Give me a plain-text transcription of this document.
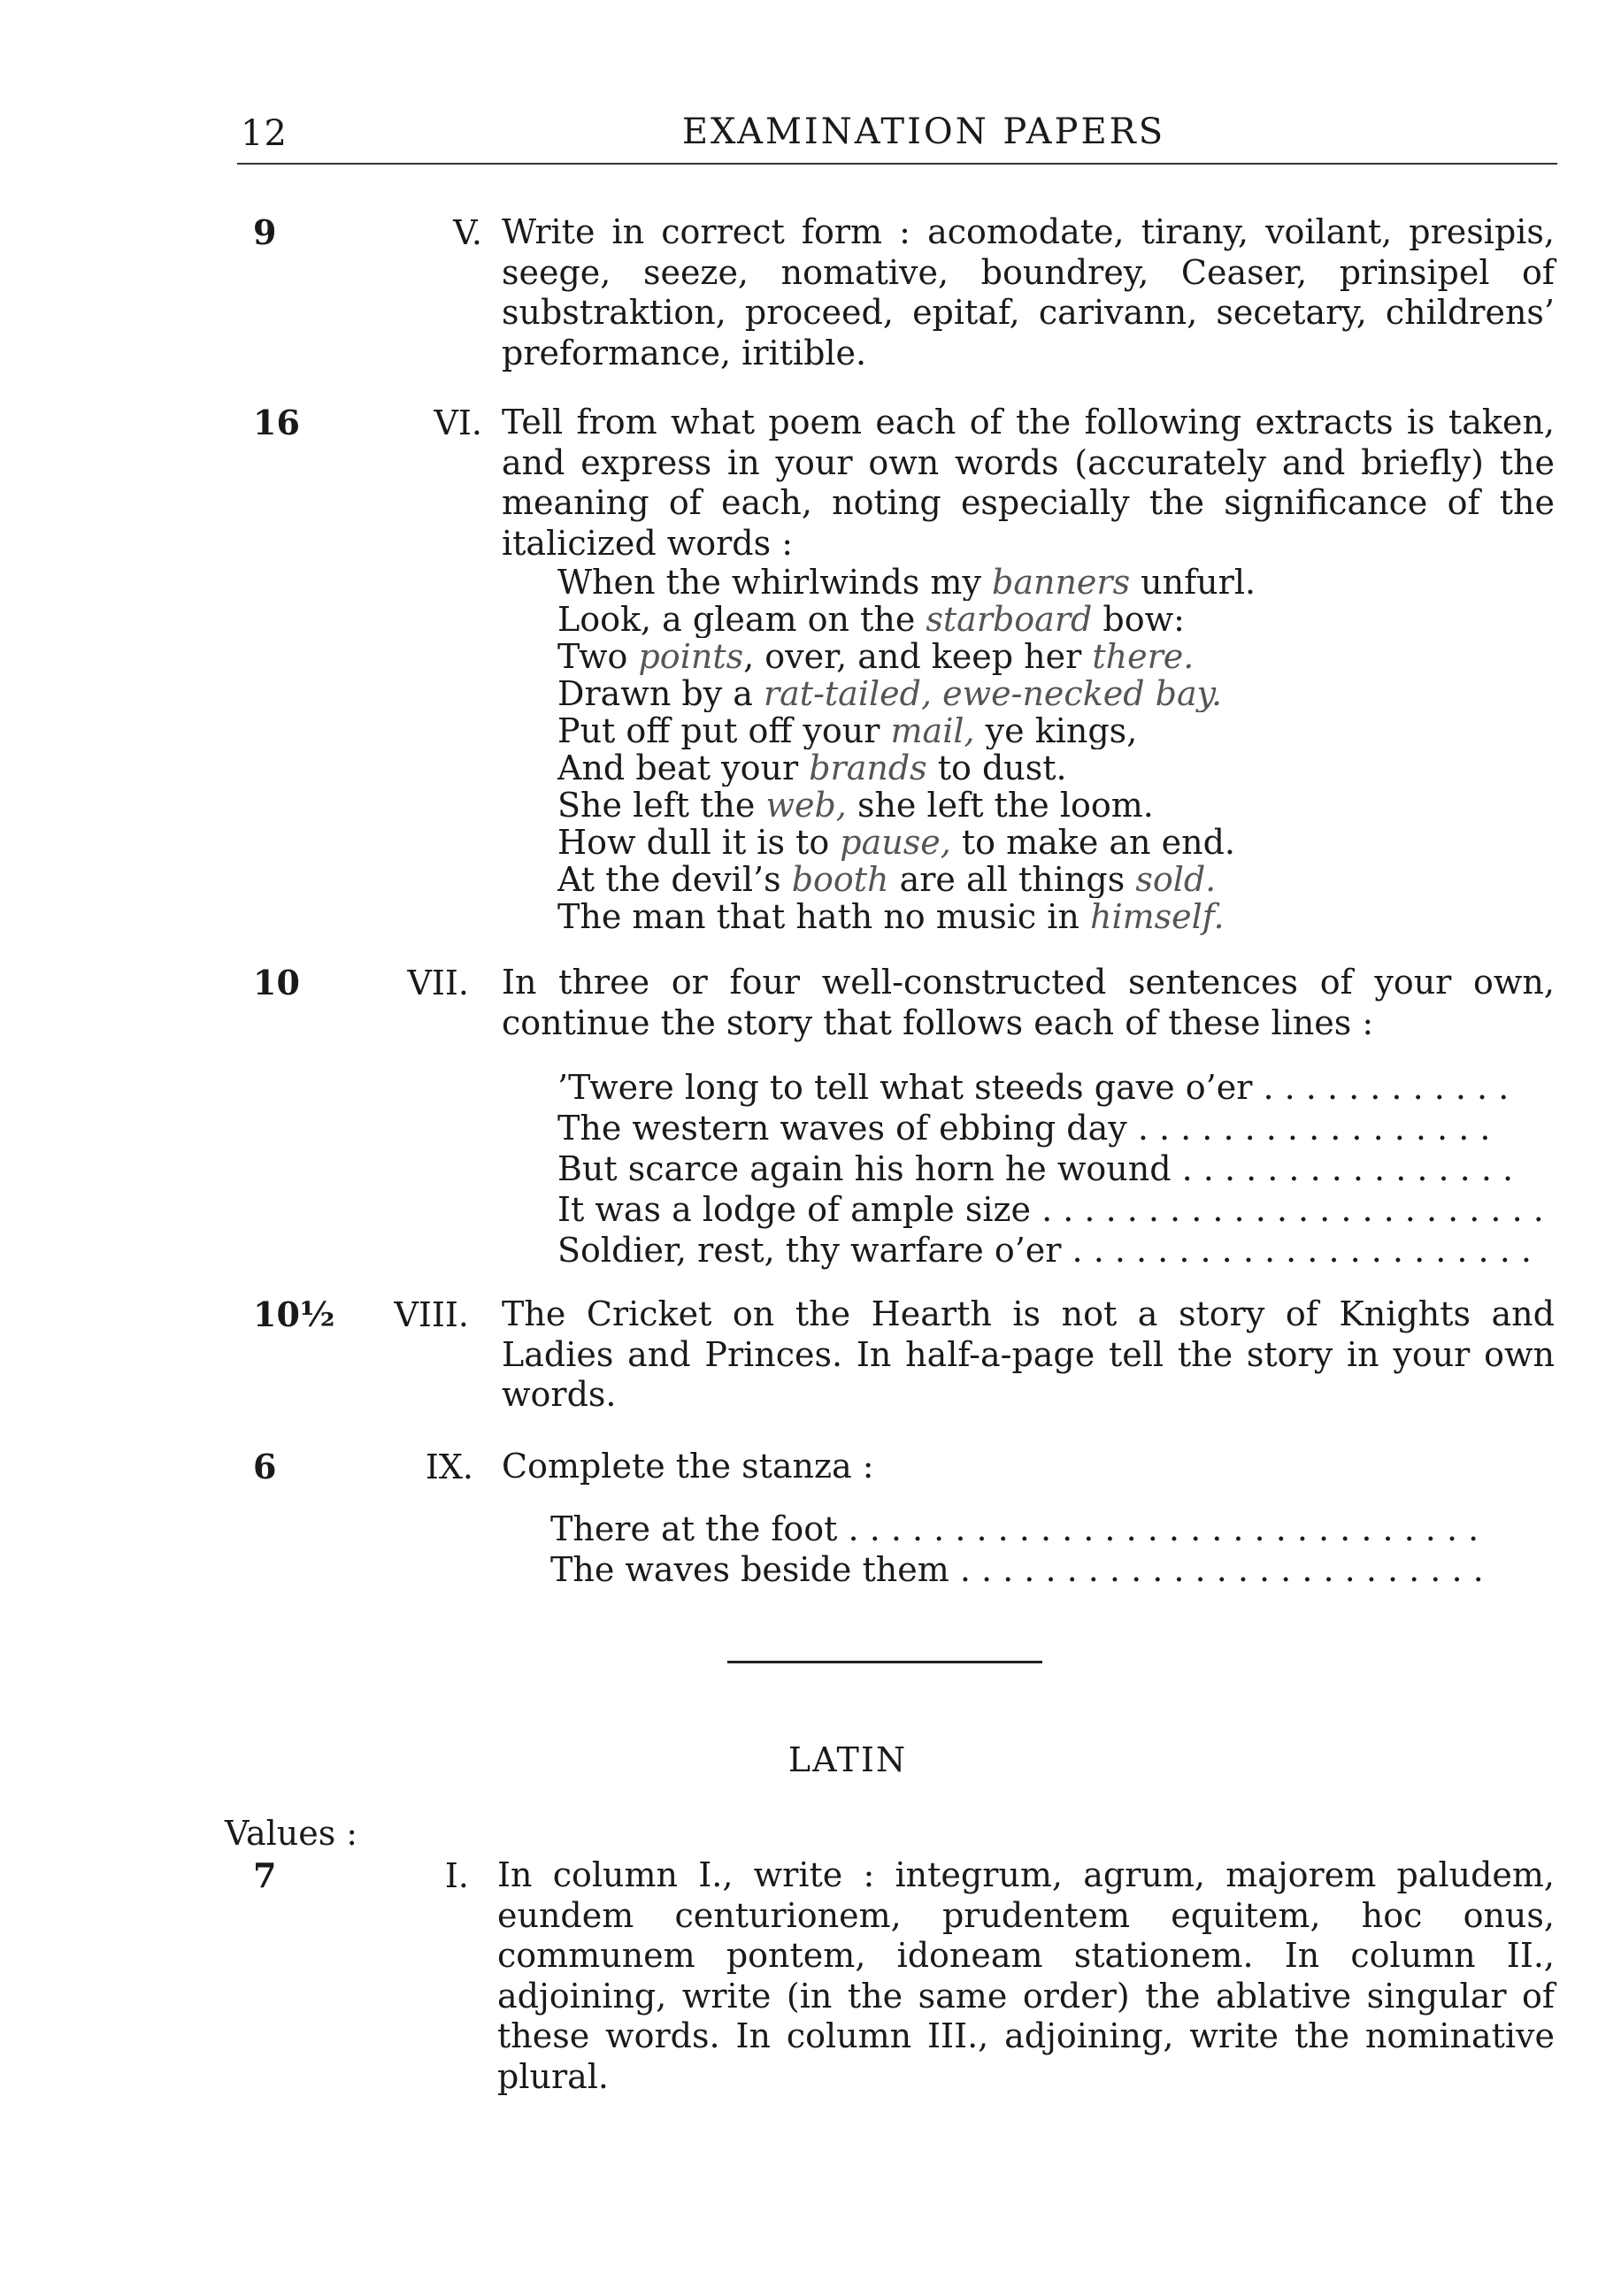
12	EXAMINATION PAPERS
9	V. Write in correct form : acomodate, tirany, voilant, presipis, seege, seeze, nomative, boundrey, Ceaser, prinsipel of substraktion, proceed, epitaf, carivann, secetary, childrens’ preformance, iritible.

16	VI. Tell from what poem each of the following extracts is taken, and express in your own words (accurately and briefly) the meaning of each, noting especially the significance of the italicized words :

When the whirlwinds my banners unfurl.
Look, a gleam on the starboard bow:
Two points, over, and keep her there.
Drawn by a rat-tailed, ewe-necked bay.
Put off put off your mail, ye kings,
And beat your brands to dust.
She left the web, she left the loom.
How dull it is to pause, to make an end.
At the devil’s booth are all things sold.
The man that hath no music in himself.
10	VII. In three or four well-constructed sentences of your own, continue the story that follows each of these lines :

’Twere long to tell what steeds gave o’er . . . . . . . . . . . .
The western waves of ebbing day . . . . . . . . . . . . . . . . .
But scarce again his horn he wound . . . . . . . . . . . . . . . .
It was a lodge of ample size . . . . . . . . . . . . . . . . . . . . . . . .
Soldier, rest, thy warfare o’er . . . . . . . . . . . . . . . . . . . . . .
10½	VIII. The Cricket on the Hearth is not a story of Knights and Ladies and Princes. In half-a-page tell the story in your own words.

6	IX. Complete the stanza :

There at the foot . . . . . . . . . . . . . . . . . . . . . . . . . . . . . .
The waves beside them . . . . . . . . . . . . . . . . . . . . . . . . .
LATIN
Values :
7	I. In column I., write : integrum, agrum, majorem paludem, eundem centurionem, prudentem equitem, hoc onus, communem pontem, idoneam stationem. In column II., adjoining, write (in the same order) the ablative singular of these words. In column III., adjoining, write the nominative plural.
